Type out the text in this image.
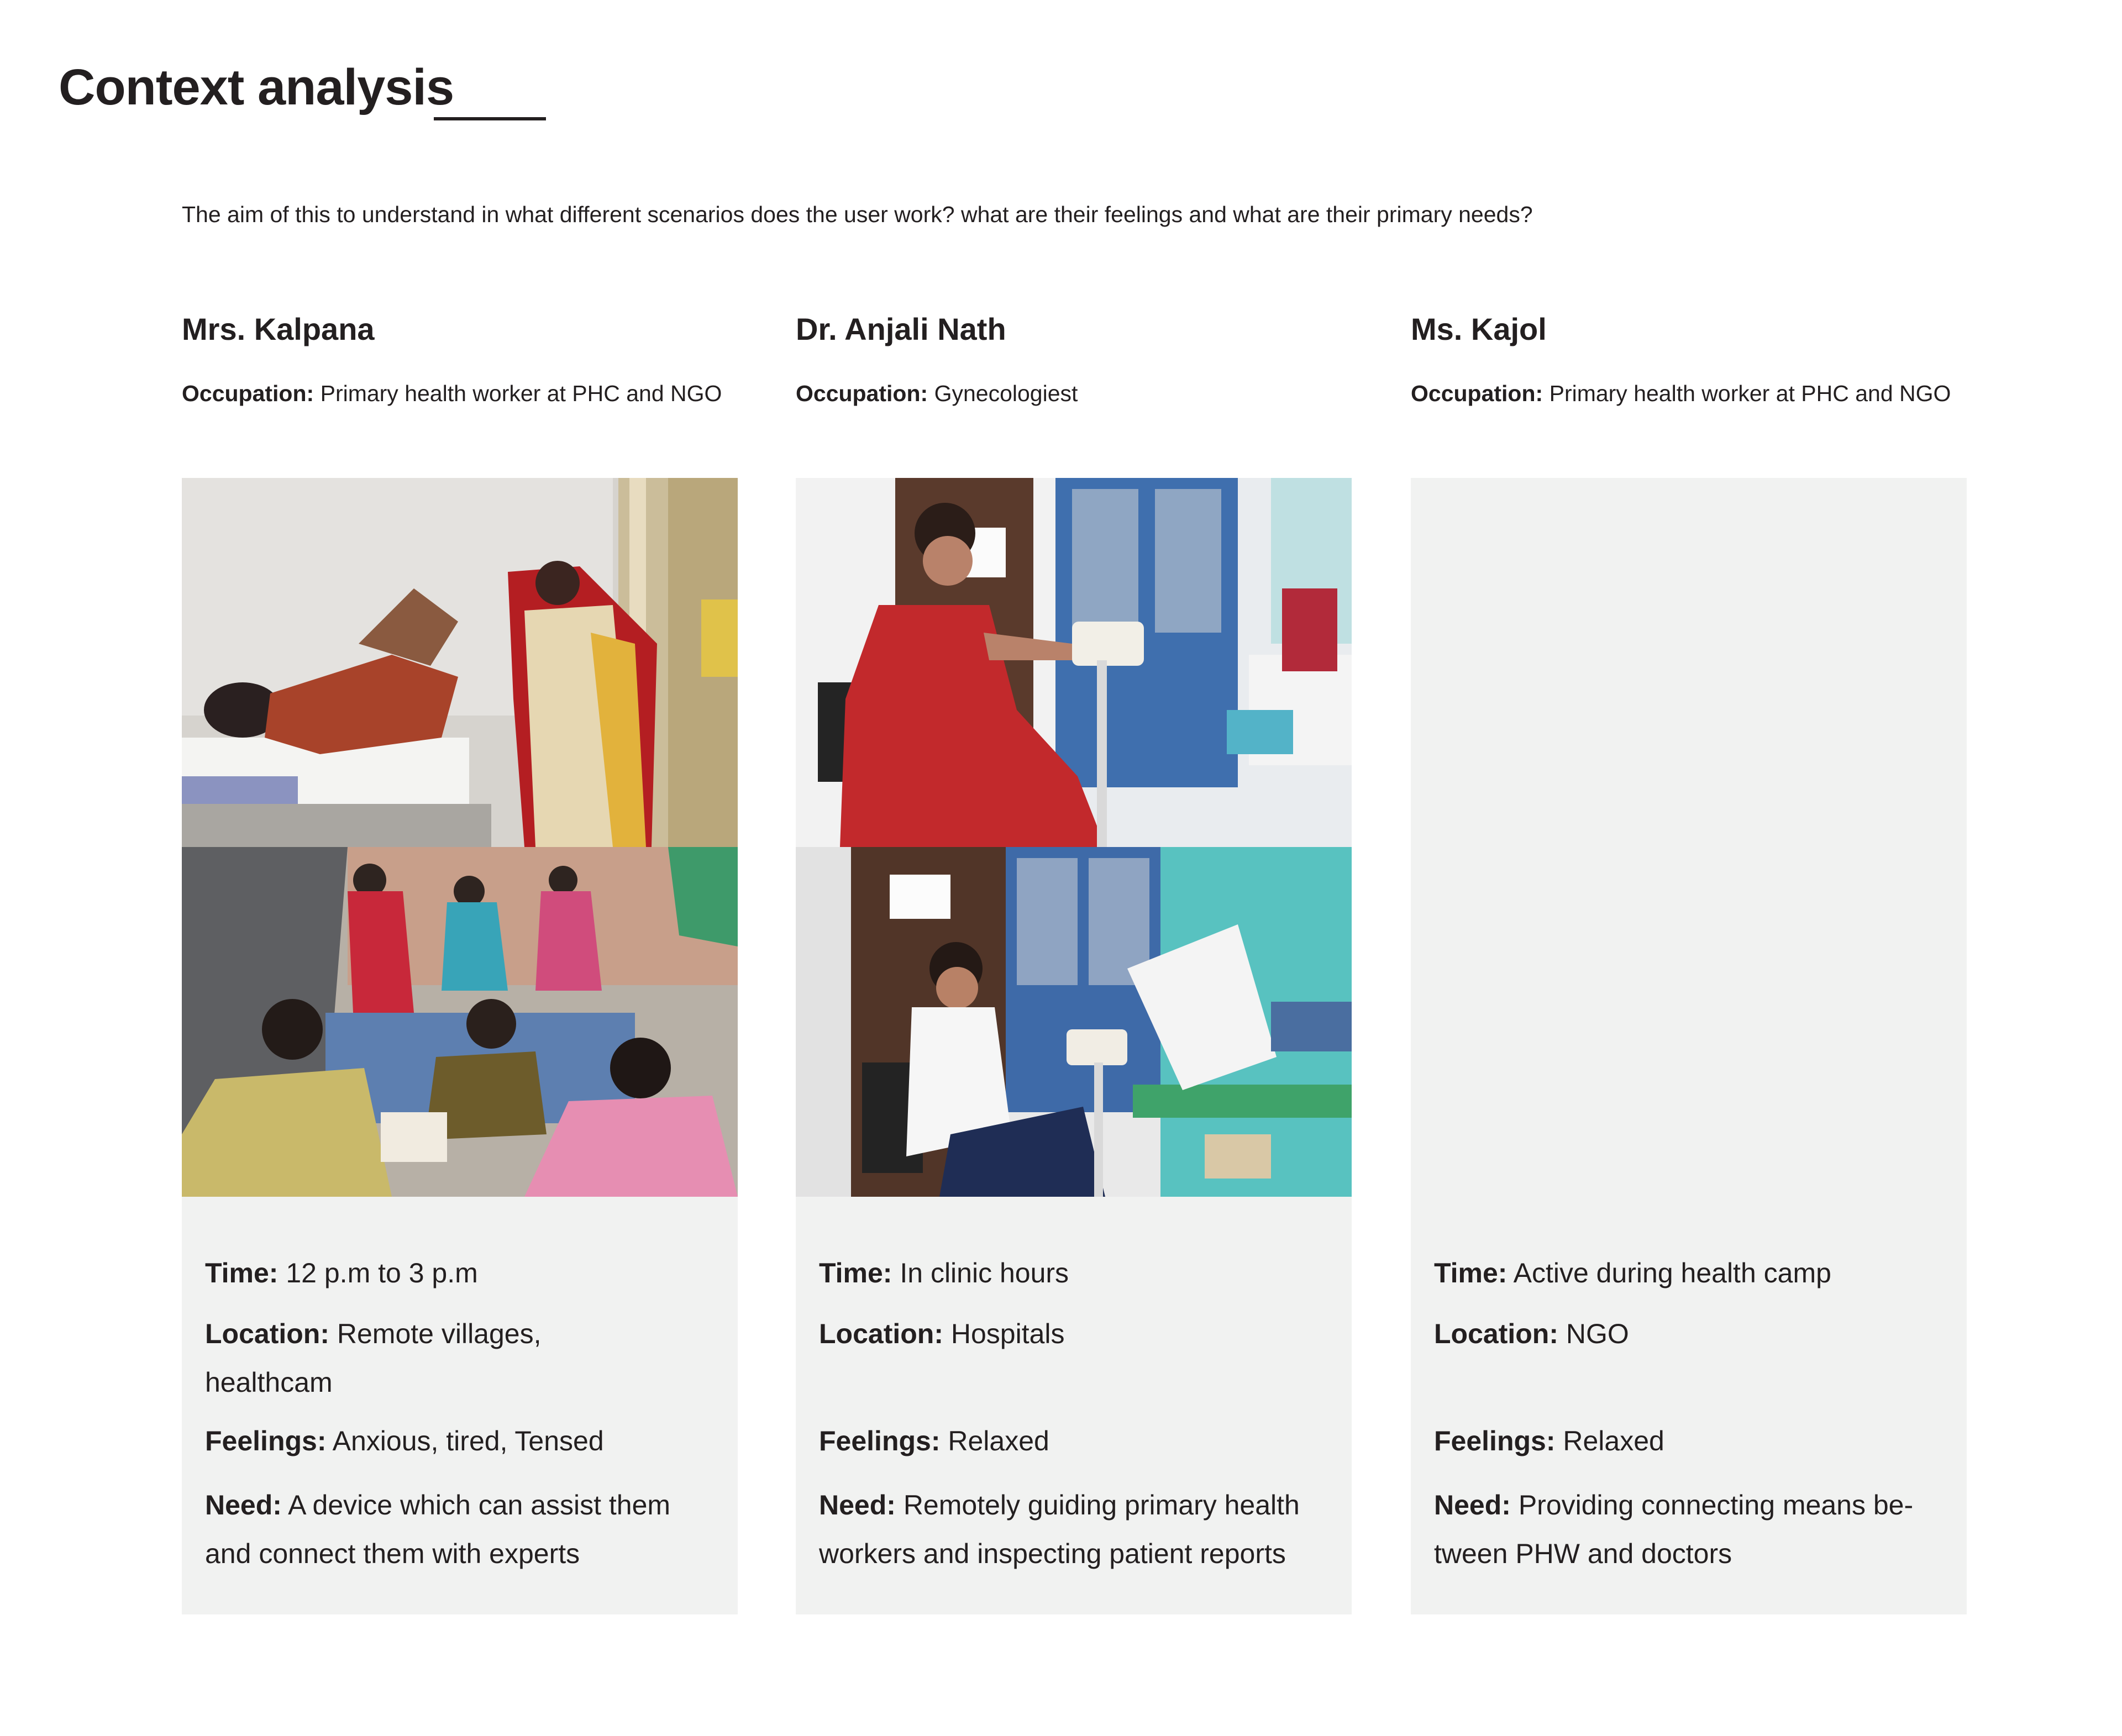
Context analysis

The aim of this to understand in what different scenarios does the user work? what are their feelings and what are their primary needs?

Mrs. Kalpana
Occupation: Primary health worker at PHC and NGO
Time: 12 p.m to 3 p.m
Location: Remote villages, healthcam
Feelings: Anxious, tired, Tensed
Need: A device which can assist them and connect them with experts
Dr. Anjali Nath
Occupation: Gynecologiest
Time: In clinic hours
Location: Hospitals
Feelings: Relaxed
Need: Remotely guiding primary health workers and inspecting patient reports
Ms. Kajol
Occupation: Primary health worker at PHC and NGO
Time: Active during health camp
Location: NGO
Feelings: Relaxed
Need: Providing connecting means be-tween PHW and doctors
